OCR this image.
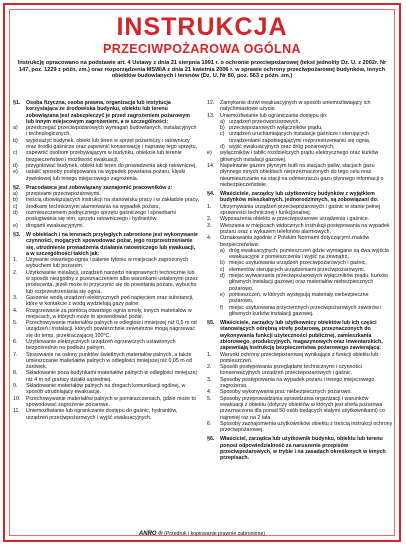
INSTRUKCJA
PRZECIWPOŻAROWA OGÓLNA
Instrukcję opracowano na podstawie art. 4 Ustawy z dnia 21 sierpnia 1991 r. o ochronie przeciwpożarowej (tekst jednolity Dz. U. z 2002r. Nr 147, poz. 1229 z późn. zm.) oraz rozporządzenia MSWiA z dnia 21 kwietnia 2006 r. w sprawie ochrony przeciwpożarowej budynków, innych obiektów budowlanych i terenów (Dz. U. Nr 80, poz. 563 z późn. zm.)
§1.	Osoba fizyczna, osoba prawna, organizacja lub instytucja korzystająca ze środowiska budynku, obiektu lub terenu zobowiązana jest zabezpieczyć je przed zagrożeniem pożarowym lub innym miejscowym zagrożeniem, a w szczególności:
a)	przestrzegać przeciwpożarowych wymagań budowlanych, instalacyjnych i technologicznych,
b)	wyposażyć budynek, obiekt lub teren w sprzęt pożarniczy i ratowniczy oraz środki gaśnicze oraz zapewnić konserwację i naprawę tego sprzętu,
c)	zapewnić osobom przebywającym w budynku, obiekcie lub terenie bezpieczeństwo i możliwość ewakuacji,
d)	przygotować budynek, obiekt lub teren do prowadzenia akcji ratowniczej,
e)	ustalić sposoby postępowania na wypadek powstania pożaru, klęski żywiołowej lub innego miejscowego zagrożenia.
§2.	Pracodawca jest zobowiązany zaznajomić pracowników z:
a)	przepisami przeciwpożarowymi,
b)	treścią obowiązujących instrukcji na stanowisku pracy i w zakładzie pracy,
c)	środkami technicznymi alarmowania na wypadek pożaru,
d)	rozmieszczeniem podręcznego sprzętu gaśniczego i sposobami posługiwania się nim, sprzętu ratowniczego i hydrantów,
e)	drogami ewakuacyjnymi.
§3.	W obiektach i na terenach przyległych zabronione jest wykonywanie czynności, mogących spowodować pożar, jego rozprzestrzenianie się, utrudnienie prowadzenia działania ratowniczego lub ewakuacji, a w szczególności takich jak:
1.	Używanie otwartego ognia i palenie tytoniu w miejscach zagrożonych wybuchem lub pożarem.
2.	Użytkowanie instalacji, urządzeń narzędzi niesprawnych technicznie lub w sposób niezgodny z przeznaczeniem albo warunkami ustalonymi przez producenta, jeżeli może to przyczynić się do powstania pożaru, wybuchu lub rozprzestrzeniania się ognia.
3.	Gaszenie wodą urządzeń elektrycznych pod napięciem oraz substancji, które w kontakcie z wodą wydzielają gazy palne.
4.	Rozgrzewanie za pomocą otwartego ognia smoły, innych materiałów w miejscach, w których może to spowodować pożar.
5.	Przechowywanie materiałów palnych w odległości mniejszej niż 0,5 m od urządzeń i instalacji, których powierzchnie zewnętrzne mogą nagrzewać się do temp. przekraczającej 100°C.
6.	Użytkowanie elektrycznych urządzeń ogrzewczych ustawionych bezpośrednio na podłożu palnym.
7.	Stosowanie na osłony punktów świetlnych materiałów palnych, a także umieszczanie materiałów palnych w odległości mniejszej niż 0,05 m od żarówek.
8.	Składowanie poza budynkami materiałów palnych w odległości mniejszej niż 4 m od granicy działki sąsiedniej.
9.	Składowanie materiałów palnych na drogach komunikacji ogólnej, w sposób utrudniający ewakuację.
10.	Przechowywanie materiałów palnych w pomieszczeniach, gdzie może to spowodować zagrożenie pożarowe.
11.	Uniemożliwianie lub ograniczanie dostępu do gaśnic, hydrantów, urządzeń przeciwpożarowych i wyjść ewakuacyjnych.
12.	Zamykanie drzwi ewakuacyjnych w sposób uniemożliwiający ich natychmiastowe użycie.
13.	Uniemożliwianie lub ograniczanie dostępu do:
a) urządzeń przeciwpożarowych,
b) przeciwpożarowych wyłączników prądu,
c) urządzeń uruchamiających instalacje gaśnicze i sterujących urządzeniami zapobiegającymi rozprzestrzenianiu się ognia,
d) wyjść ewakuacyjnych oraz dróg pożarowych,
e)	wyłączników i tablic rozdzielczych prądu elektrycznego oraz kurków głównych instalacji gazowej.
14.	Napełnianie gazem płynnym butli na stacjach paliw, stacjach gazu płynnego innych obiektach nieprzeznaczonych do tego celu oraz nieumieszczanie na stacji na odmierzaczu gazu płynnego informacji o niebezpieczeństwie.
§4.	Właściciele, zarządcy lub użytkownicy budynków z wyjątkiem budynków mieszkalnych, jednorodzinnych, są zobowiązani do:
1.	Utrzymywania urządzeń przeciwpożarowych i gaśnic w stanie pełnej sprawności technicznej i funkcjonalnej.
2.	Wyposażenia obiektu w przeciwpożarowe urządzenia i gaśnice.
3.	Wieszania w miejscach widocznych instrukcji postępowania na wypadek pożaru oraz z wykazem telefonów alarmowych.
4.	Oznakowania zgodnie z Polskim Normami dotyczącymi znaków bezpieczeństwa:
a) dróg ewakuacyjnych, pomieszczeń gdzie wymagane są dwa wyjścia ewakuacyjne z pomieszczenia i wyjść na zewnątrz,
b) miejsc usytuowania urządzeń przeciwpożarowych i gaśnic,
c) elementów sterujących urządzeniami przeciwpożarowymi,
d) miejsc wytwarzania przeciwpożarowych wyłączników prądu, kurków głównych instalacji gazowej oraz materiałów niebezpiecznych pożarowo,
e) pomieszczeń, w których występują materiały niebezpieczne pożarowo,
f)	miejsc usytuowania przyciemnych przeciwpożarowych zaworów i głównych kurków instalacji gazowej.
§5.	Właściciele, zarządcy lub użytkownicy obiektów lub ich części stanowiących odrębną strefę pożarową, przeznaczonych do wykonywania funkcji użyteczności publicznej, zamieszkania zbiorowego, produkcyjnych, magazynowych oraz inwentarskich, zapewniają instrukcję bezpieczeństwa pożarowego zawierającą:
1.	Warunki ochrony przeciwpożarowej wynikające z funkcji obiektu lub pomieszczeń.
2.	Sposób postępowania przeglądami technicznymi i czynności konserwacyjnych urządzeń przeciwpożarowych i gaśnic.
3.	Sposoby postępowania na wypadek pożaru i innego miejscowego zagrożenia.
4.	Sposoby wykonywania prac niebezpiecznych pożarowo.
5.	Sposoby przeprowadzania sprawdzania organizacji i warunków ewakuacji z obiektu (dotyczy obiektów w których jest strefa pożarowa przeznaczona dla ponad 50 osób będących stałymi użytkownikami) co najmniej raz na 2 lata.
6.	Sposoby zaznajomienia użytkowników obiektu z treścią instrukcji ochrony przeciwpożarowej.
§6.	Właściciel, zarządca lub użytkownik budynku, obiektu lub terenu ponosi odpowiedzialność za naruszenie przepisów przeciwpożarowych, w trybie i na zasadach określonych w innych przepisach.
ANRO ® (Przedruk i kopiowanie prawnie zabronione)
